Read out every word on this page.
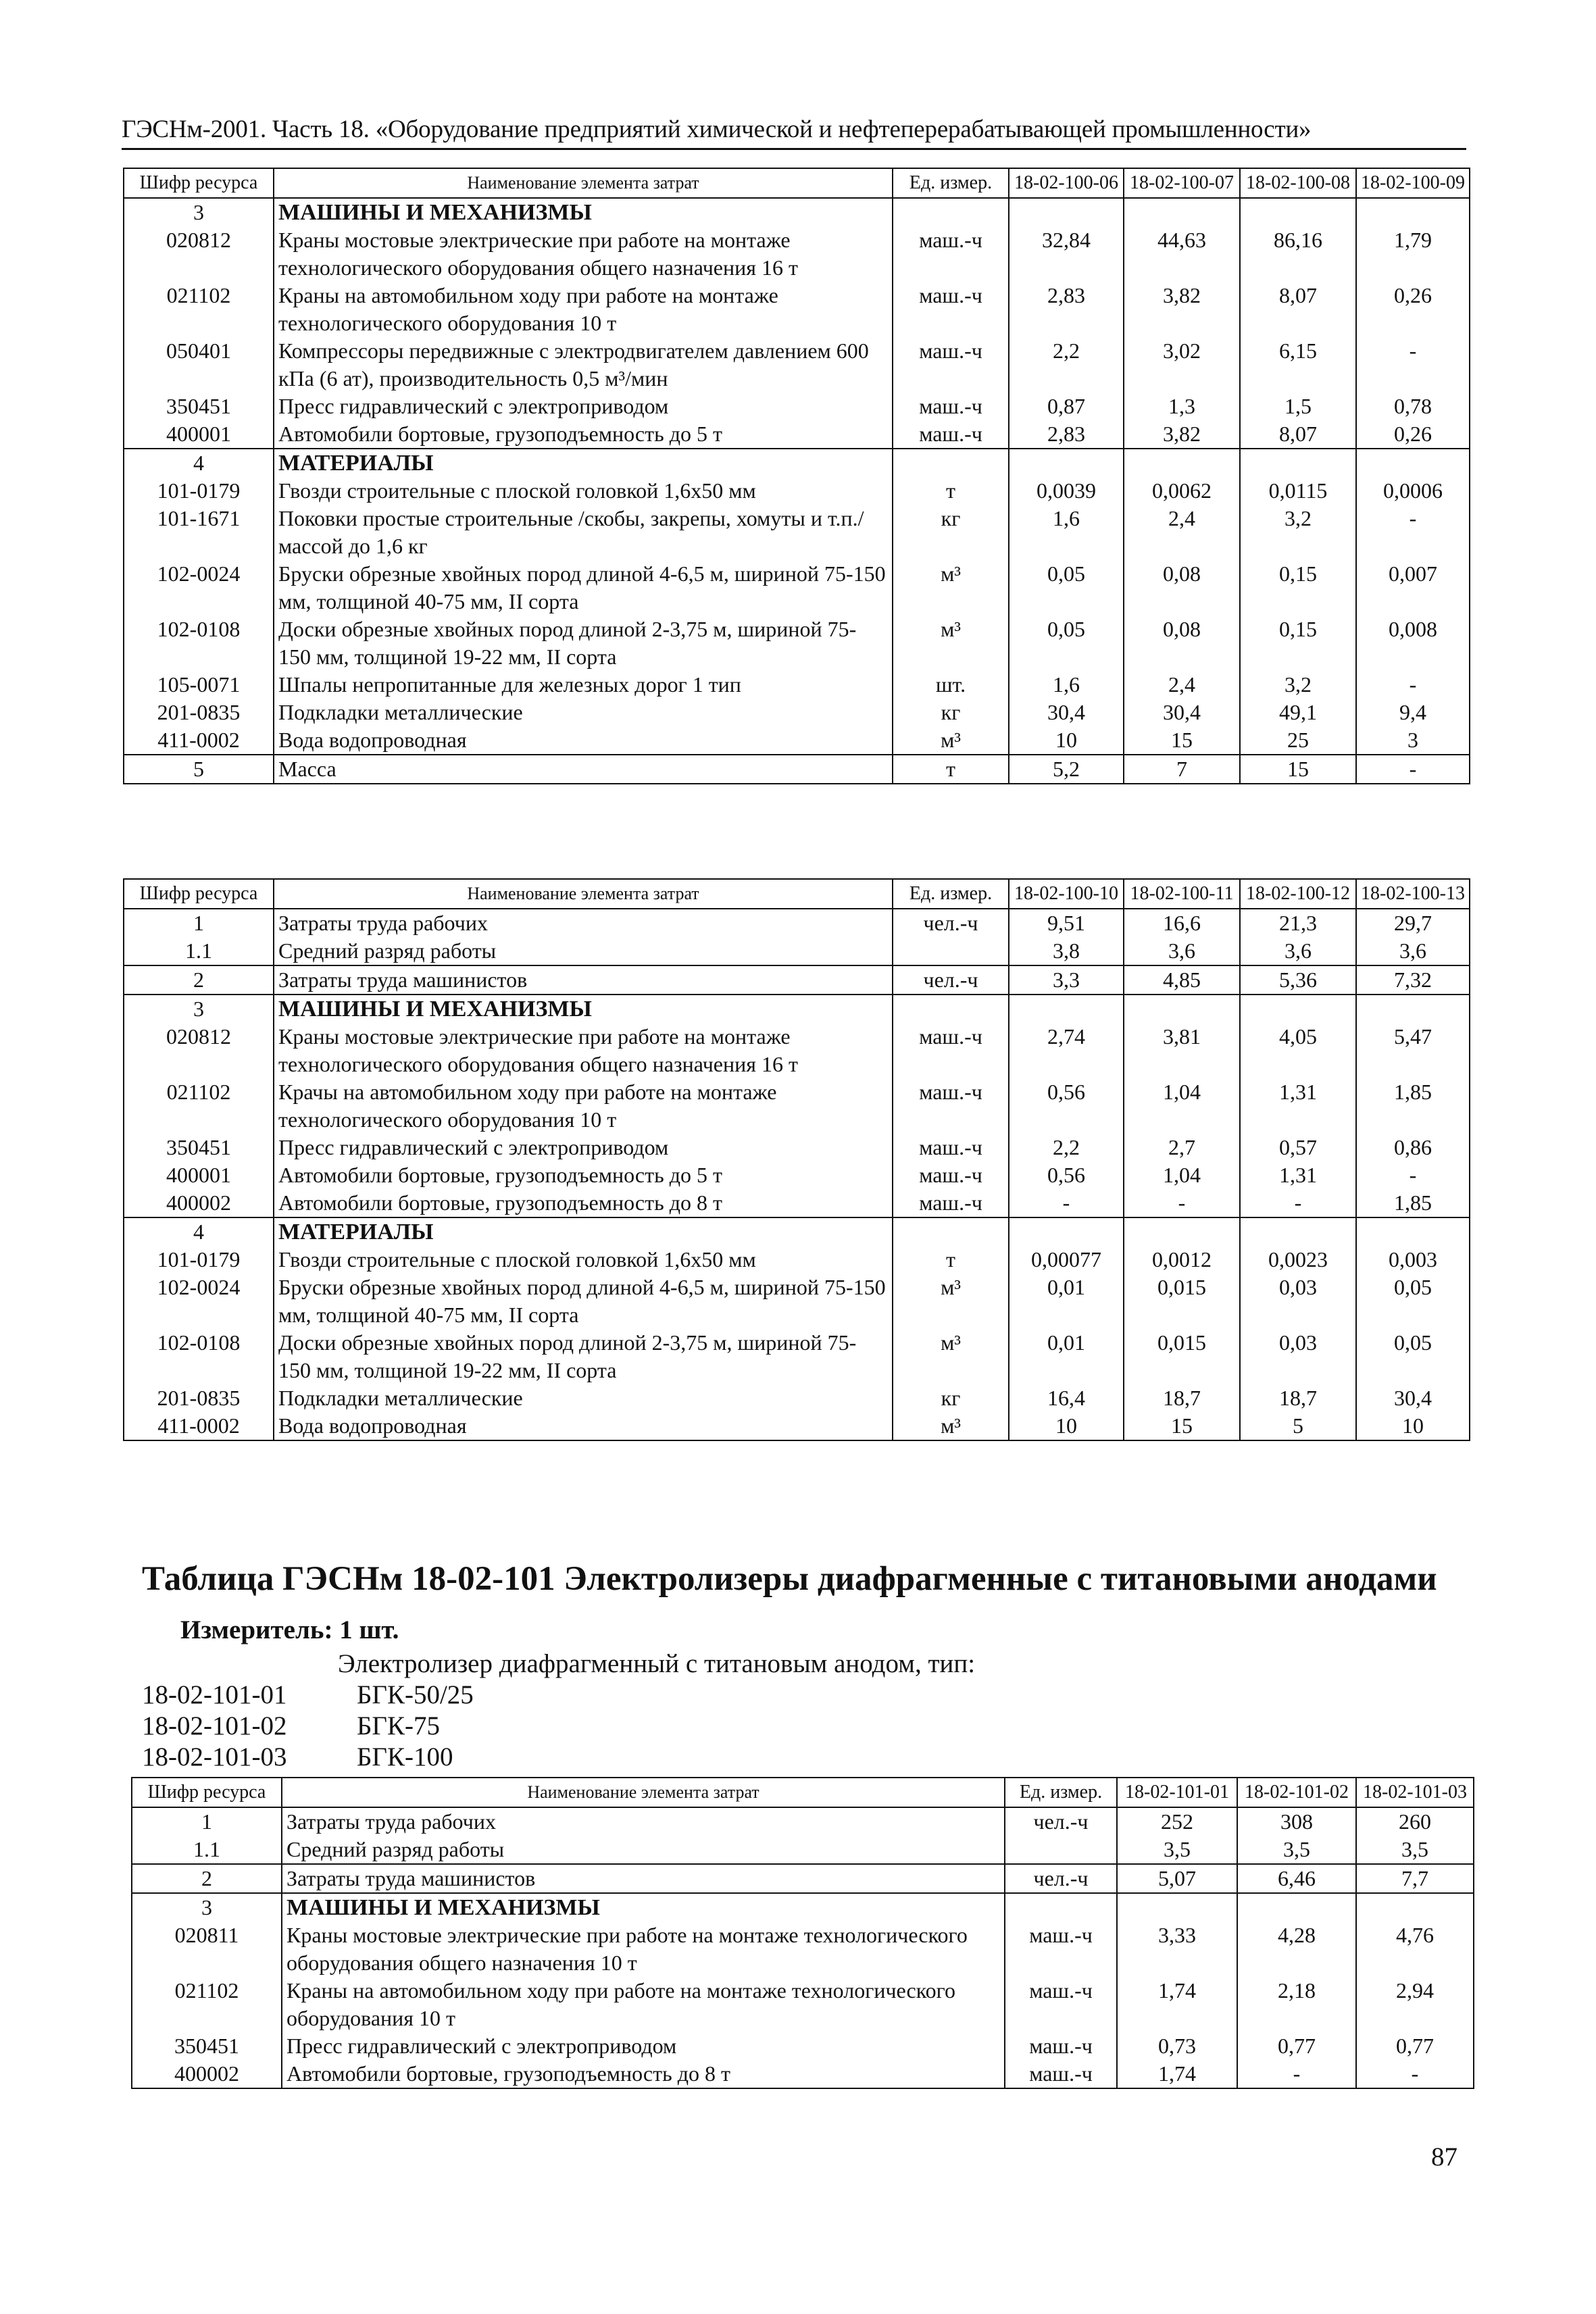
ГЭСНм-2001. Часть 18. «Оборудование предприятий химической и нефтеперерабатывающей промышленности»
Шифр ресурса	Наименование элемента затрат	Ед. измер.	18-02-100-06	18-02-100-07	18-02-100-08	18-02-100-09
3	МАШИНЫ И МЕХАНИЗМЫ					
020812	Краны мостовые электрические при работе на монтаже технологического оборудования общего назначения 16 т	маш.-ч	32,84	44,63	86,16	1,79
021102	Краны на автомобильном ходу при работе на монтаже технологического оборудования 10 т	маш.-ч	2,83	3,82	8,07	0,26
050401	Компрессоры передвижные с электродвигателем давлением 600 кПа (6 ат), производительность 0,5 м³/мин	маш.-ч	2,2	3,02	6,15	-
350451	Пресс гидравлический с электроприводом	маш.-ч	0,87	1,3	1,5	0,78
400001	Автомобили бортовые, грузоподъемность до 5 т	маш.-ч	2,83	3,82	8,07	0,26
4	МАТЕРИАЛЫ					
101-0179	Гвозди строительные с плоской головкой 1,6х50 мм	т	0,0039	0,0062	0,0115	0,0006
101-1671	Поковки простые строительные /скобы, закрепы, хомуты и т.п./ массой до 1,6 кг	кг	1,6	2,4	3,2	-
102-0024	Бруски обрезные хвойных пород длиной 4-6,5 м, шириной 75-150 мм, толщиной 40-75 мм, II сорта	м³	0,05	0,08	0,15	0,007
102-0108	Доски обрезные хвойных пород длиной 2-3,75 м, шириной 75-150 мм, толщиной 19-22 мм, II сорта	м³	0,05	0,08	0,15	0,008
105-0071	Шпалы непропитанные для железных дорог 1 тип	шт.	1,6	2,4	3,2	-
201-0835	Подкладки металлические	кг	30,4	30,4	49,1	9,4
411-0002	Вода водопроводная	м³	10	15	25	3
5	Масса	т	5,2	7	15	-
Шифр ресурса	Наименование элемента затрат	Ед. измер.	18-02-100-10	18-02-100-11	18-02-100-12	18-02-100-13
1	Затраты труда рабочих	чел.-ч	9,51	16,6	21,3	29,7
1.1	Средний разряд работы		3,8	3,6	3,6	3,6
2	Затраты труда машинистов	чел.-ч	3,3	4,85	5,36	7,32
3	МАШИНЫ И МЕХАНИЗМЫ					
020812	Краны мостовые электрические при работе на монтаже технологического оборудования общего назначения 16 т	маш.-ч	2,74	3,81	4,05	5,47
021102	Крачы на автомобильном ходу при работе на монтаже технологического оборудования 10 т	маш.-ч	0,56	1,04	1,31	1,85
350451	Пресс гидравлический с электроприводом	маш.-ч	2,2	2,7	0,57	0,86
400001	Автомобили бортовые, грузоподъемность до 5 т	маш.-ч	0,56	1,04	1,31	-
400002	Автомобили бортовые, грузоподъемность до 8 т	маш.-ч	-	-	-	1,85
4	МАТЕРИАЛЫ					
101-0179	Гвозди строительные с плоской головкой 1,6х50 мм	т	0,00077	0,0012	0,0023	0,003
102-0024	Бруски обрезные хвойных пород длиной 4-6,5 м, шириной 75-150 мм, толщиной 40-75 мм, II сорта	м³	0,01	0,015	0,03	0,05
102-0108	Доски обрезные хвойных пород длиной 2-3,75 м, шириной 75-150 мм, толщиной 19-22 мм, II сорта	м³	0,01	0,015	0,03	0,05
201-0835	Подкладки металлические	кг	16,4	18,7	18,7	30,4
411-0002	Вода водопроводная	м³	10	15	5	10
Таблица ГЭСНм 18-02-101 Электролизеры диафрагменные с титановыми анодами
Измеритель: 1 шт.
Электролизер диафрагменный с титановым анодом, тип:
18-02-101-01	БГК-50/25
18-02-101-02	БГК-75
18-02-101-03	БГК-100
Шифр ресурса	Наименование элемента затрат	Ед. измер.	18-02-101-01	18-02-101-02	18-02-101-03
1	Затраты труда рабочих	чел.-ч	252	308	260
1.1	Средний разряд работы		3,5	3,5	3,5
2	Затраты труда машинистов	чел.-ч	5,07	6,46	7,7
3	МАШИНЫ И МЕХАНИЗМЫ				
020811	Краны мостовые электрические при работе на монтаже технологического оборудования общего назначения 10 т	маш.-ч	3,33	4,28	4,76
021102	Краны на автомобильном ходу при работе на монтаже технологического оборудования 10 т	маш.-ч	1,74	2,18	2,94
350451	Пресс гидравлический с электроприводом	маш.-ч	0,73	0,77	0,77
400002	Автомобили бортовые, грузоподъемность до 8 т	маш.-ч	1,74	-	-
87
